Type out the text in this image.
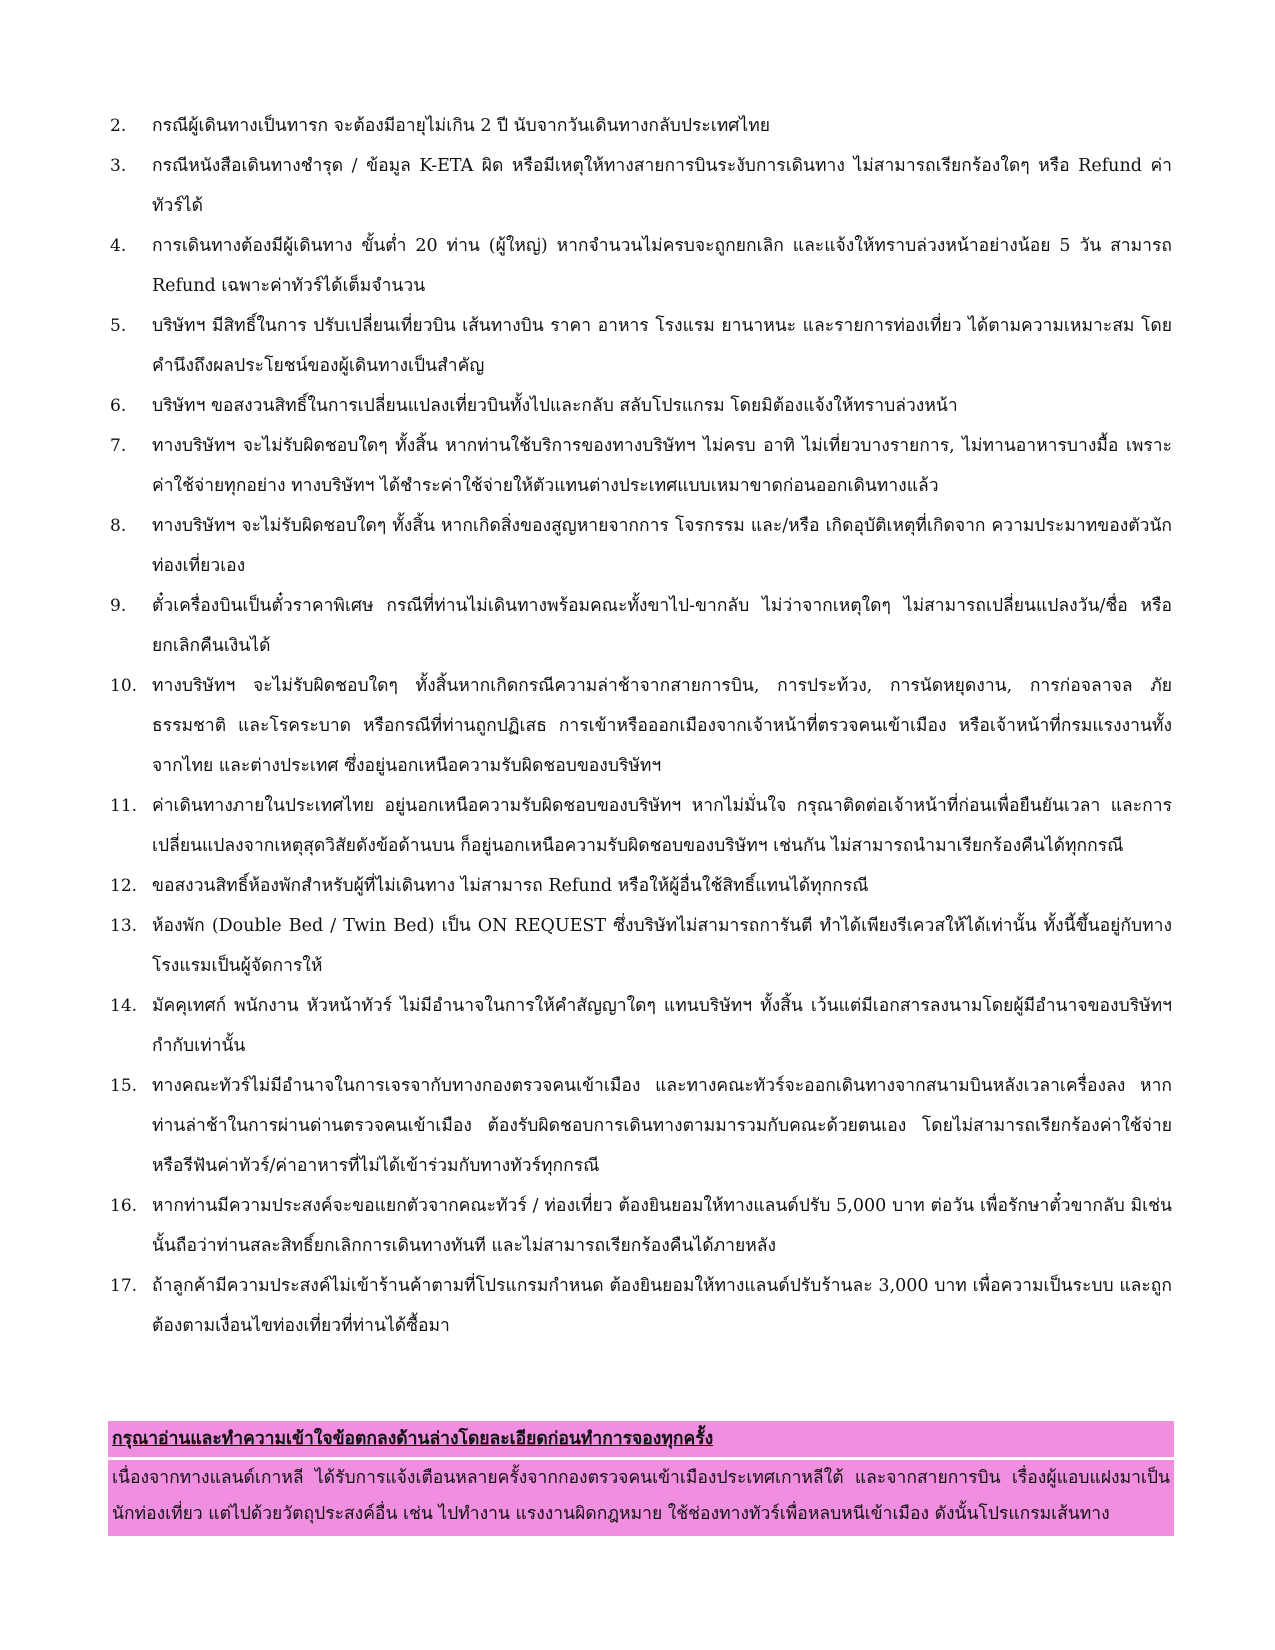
2.	กรณีผู้เดินทางเป็นทารก จะต้องมีอายุไม่เกิน 2 ปี นับจากวันเดินทางกลับประเทศไทย
3.	กรณีหนังสือเดินทางชำรุด / ข้อมูล K-ETA ผิด หรือมีเหตุให้ทางสายการบินระงับการเดินทาง ไม่สามารถเรียกร้องใดๆ หรือ Refund ค่าทัวร์ได้
4.	การเดินทางต้องมีผู้เดินทาง ขั้นต่ำ 20 ท่าน (ผู้ใหญ่) หากจำนวนไม่ครบจะถูกยกเลิก และแจ้งให้ทราบล่วงหน้าอย่างน้อย 5 วัน สามารถ Refund เฉพาะค่าทัวร์ได้เต็มจำนวน
5.	บริษัทฯ มีสิทธิ์ในการ ปรับเปลี่ยนเที่ยวบิน เส้นทางบิน ราคา อาหาร โรงแรม ยานาหนะ และรายการท่องเที่ยว ได้ตามความเหมาะสม โดยคำนึงถึงผลประโยชน์ของผู้เดินทางเป็นสำคัญ
6.	บริษัทฯ ขอสงวนสิทธิ์ในการเปลี่ยนแปลงเที่ยวบินทั้งไปและกลับ สลับโปรแกรม โดยมิต้องแจ้งให้ทราบล่วงหน้า
7.	ทางบริษัทฯ จะไม่รับผิดชอบใดๆ ทั้งสิ้น หากท่านใช้บริการของทางบริษัทฯ ไม่ครบ อาทิ ไม่เที่ยวบางรายการ, ไม่ทานอาหารบางมื้อ เพราะค่าใช้จ่ายทุกอย่าง ทางบริษัทฯ ได้ชำระค่าใช้จ่ายให้ตัวแทนต่างประเทศแบบเหมาขาดก่อนออกเดินทางแล้ว
8.	ทางบริษัทฯ จะไม่รับผิดชอบใดๆ ทั้งสิ้น หากเกิดสิ่งของสูญหายจากการ โจรกรรม และ/หรือ เกิดอุบัติเหตุที่เกิดจาก ความประมาทของตัวนักท่องเที่ยวเอง
9.	ตั๋วเครื่องบินเป็นตั๋วราคาพิเศษ กรณีที่ท่านไม่เดินทางพร้อมคณะทั้งขาไป-ขากลับ ไม่ว่าจากเหตุใดๆ ไม่สามารถเปลี่ยนแปลงวัน/ชื่อ หรือยกเลิกคืนเงินได้
10. ทางบริษัทฯ จะไม่รับผิดชอบใดๆ ทั้งสิ้นหากเกิดกรณีความล่าช้าจากสายการบิน, การประท้วง, การนัดหยุดงาน, การก่อจลาจล ภัยธรรมชาติ และโรคระบาด หรือกรณีที่ท่านถูกปฏิเสธ การเข้าหรือออกเมืองจากเจ้าหน้าที่ตรวจคนเข้าเมือง หรือเจ้าหน้าที่กรมแรงงานทั้งจากไทย และต่างประเทศ ซึ่งอยู่นอกเหนือความรับผิดชอบของบริษัทฯ
11. ค่าเดินทางภายในประเทศไทย อยู่นอกเหนือความรับผิดชอบของบริษัทฯ หากไม่มั่นใจ กรุณาติดต่อเจ้าหน้าที่ก่อนเพื่อยืนยันเวลา และการเปลี่ยนแปลงจากเหตุสุดวิสัยดังข้อด้านบน ก็อยู่นอกเหนือความรับผิดชอบของบริษัทฯ เช่นกัน ไม่สามารถนำมาเรียกร้องคืนได้ทุกกรณี
12. ขอสงวนสิทธิ์ห้องพักสำหรับผู้ที่ไม่เดินทาง ไม่สามารถ Refund หรือให้ผู้อื่นใช้สิทธิ์แทนได้ทุกกรณี
13. ห้องพัก (Double Bed / Twin Bed) เป็น ON REQUEST ซึ่งบริษัทไม่สามารถการันตี ทำได้เพียงรีเควสให้ได้เท่านั้น ทั้งนี้ขึ้นอยู่กับทางโรงแรมเป็นผู้จัดการให้
14. มัคคุเทศก์ พนักงาน หัวหน้าทัวร์ ไม่มีอำนาจในการให้คำสัญญาใดๆ แทนบริษัทฯ ทั้งสิ้น เว้นแต่มีเอกสารลงนามโดยผู้มีอำนาจของบริษัทฯ กำกับเท่านั้น
15. ทางคณะทัวร์ไม่มีอำนาจในการเจรจากับทางกองตรวจคนเข้าเมือง และทางคณะทัวร์จะออกเดินทางจากสนามบินหลังเวลาเครื่องลง หากท่านล่าช้าในการผ่านด่านตรวจคนเข้าเมือง ต้องรับผิดชอบการเดินทางตามมารวมกับคณะด้วยตนเอง โดยไม่สามารถเรียกร้องค่าใช้จ่าย หรือรีฟันค่าทัวร์/ค่าอาหารที่ไม่ได้เข้าร่วมกับทางทัวร์ทุกกรณี
16. หากท่านมีความประสงค์จะขอแยกตัวจากคณะทัวร์ / ท่องเที่ยว ต้องยินยอมให้ทางแลนด์ปรับ 5,000 บาท ต่อวัน เพื่อรักษาตั๋วขากลับ มิเช่นนั้นถือว่าท่านสละสิทธิ์ยกเลิกการเดินทางทันที และไม่สามารถเรียกร้องคืนได้ภายหลัง
17. ถ้าลูกค้ามีความประสงค์ไม่เข้าร้านค้าตามที่โปรแกรมกำหนด ต้องยินยอมให้ทางแลนด์ปรับร้านละ 3,000 บาท เพื่อความเป็นระบบ และถูกต้องตามเงื่อนไขท่องเที่ยวที่ท่านได้ซื้อมา
กรุณาอ่านและทำความเข้าใจข้อตกลงด้านล่างโดยละเอียดก่อนทำการจองทุกครั้ง
เนื่องจากทางแลนด์เกาหลี ได้รับการแจ้งเตือนหลายครั้งจากกองตรวจคนเข้าเมืองประเทศเกาหลีใต้ และจากสายการบิน เรื่องผู้แอบแฝงมาเป็นนักท่องเที่ยว แต่ไปด้วยวัตถุประสงค์อื่น เช่น ไปทำงาน แรงงานผิดกฎหมาย ใช้ช่องทางทัวร์เพื่อหลบหนีเข้าเมือง ดังนั้นโปรแกรมเส้นทาง
